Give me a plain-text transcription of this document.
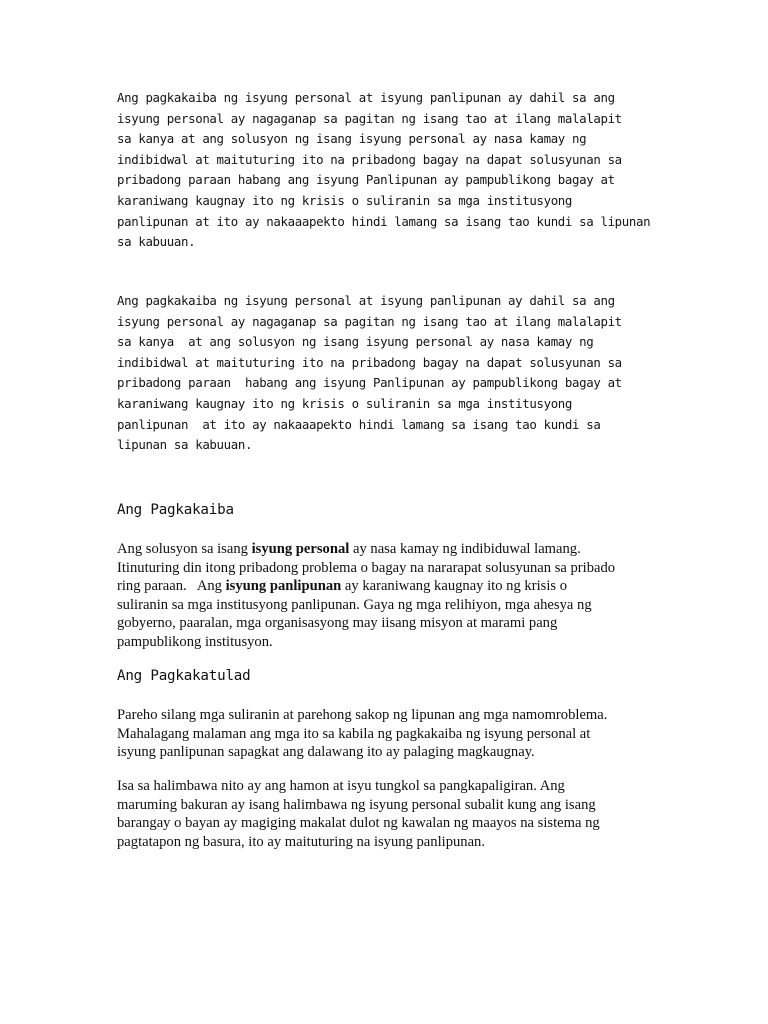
Ang pagkakaiba ng isyung personal at isyung panlipunan ay dahil sa ang
isyung personal ay nagaganap sa pagitan ng isang tao at ilang malalapit
sa kanya at ang solusyon ng isang isyung personal ay nasa kamay ng
indibidwal at maituturing ito na pribadong bagay na dapat solusyunan sa
pribadong paraan habang ang isyung Panlipunan ay pampublikong bagay at
karaniwang kaugnay ito ng krisis o suliranin sa mga institusyong
panlipunan at ito ay nakaaapekto hindi lamang sa isang tao kundi sa lipunan
sa kabuuan.
Ang pagkakaiba ng isyung personal at isyung panlipunan ay dahil sa ang
isyung personal ay nagaganap sa pagitan ng isang tao at ilang malalapit
sa kanya  at ang solusyon ng isang isyung personal ay nasa kamay ng
indibidwal at maituturing ito na pribadong bagay na dapat solusyunan sa
pribadong paraan  habang ang isyung Panlipunan ay pampublikong bagay at
karaniwang kaugnay ito ng krisis o suliranin sa mga institusyong
panlipunan  at ito ay nakaaapekto hindi lamang sa isang tao kundi sa
lipunan sa kabuuan.
Ang Pagkakaiba
Ang solusyon sa isang isyung personal ay nasa kamay ng indibiduwal lamang.
Itinuturing din itong pribadong problema o bagay na nararapat solusyunan sa pribado
ring paraan.   Ang isyung panlipunan ay karaniwang kaugnay ito ng krisis o
suliranin sa mga institusyong panlipunan. Gaya ng mga relihiyon, mga ahesya ng
gobyerno, paaralan, mga organisasyong may iisang misyon at marami pang
pampublikong institusyon.
Ang Pagkakatulad
Pareho silang mga suliranin at parehong sakop ng lipunan ang mga namomroblema.
Mahalagang malaman ang mga ito sa kabila ng pagkakaiba ng isyung personal at
isyung panlipunan sapagkat ang dalawang ito ay palaging magkaugnay.
Isa sa halimbawa nito ay ang hamon at isyu tungkol sa pangkapaligiran. Ang
maruming bakuran ay isang halimbawa ng isyung personal subalit kung ang isang
barangay o bayan ay magiging makalat dulot ng kawalan ng maayos na sistema ng
pagtatapon ng basura, ito ay maituturing na isyung panlipunan.
